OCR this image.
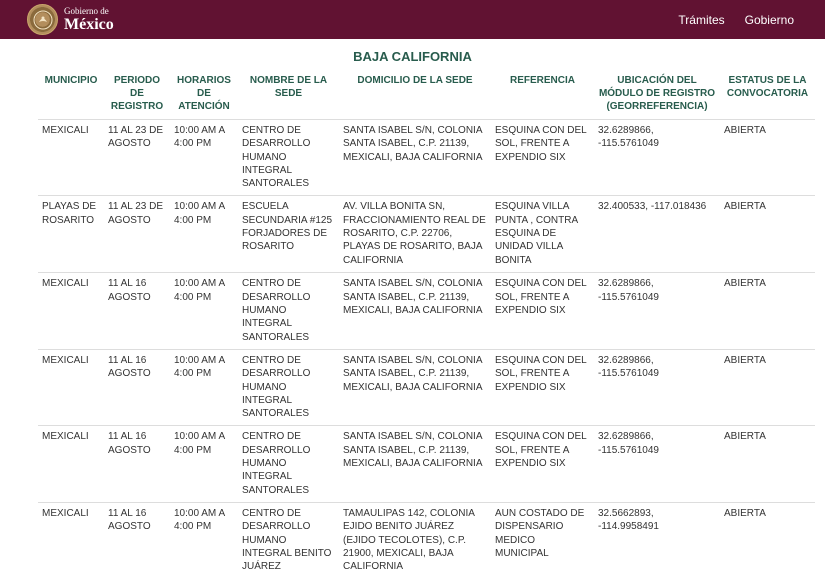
Gobierno de
México	Trámites Gobierno
BAJA CALIFORNIA
MUNICIPIO	PERIODO DE REGISTRO	HORARIOS DE ATENCIÓN	NOMBRE DE LA SEDE	DOMICILIO DE LA SEDE	REFERENCIA	UBICACIÓN DEL MÓDULO DE REGISTRO (GEORREFERENCIA)	ESTATUS DE LA CONVOCATORIA
MEXICALI	11 AL 23 DE AGOSTO	10:00 AM A 4:00 PM	CENTRO DE DESARROLLO HUMANO INTEGRAL SANTORALES	SANTA ISABEL S/N, COLONIA SANTA ISABEL, C.P. 21139, MEXICALI, BAJA CALIFORNIA	ESQUINA CON DEL SOL, FRENTE A EXPENDIO SIX	32.6289866, -115.5761049	ABIERTA
PLAYAS DE ROSARITO	11 AL 23 DE AGOSTO	10:00 AM A 4:00 PM	ESCUELA SECUNDARIA #125 FORJADORES DE ROSARITO	AV. VILLA BONITA SN, FRACCIONAMIENTO REAL DE ROSARITO, C.P. 22706, PLAYAS DE ROSARITO, BAJA CALIFORNIA	ESQUINA VILLA PUNTA , CONTRA ESQUINA DE UNIDAD VILLA BONITA	32.400533, -117.018436	ABIERTA
MEXICALI	11 AL 16 AGOSTO	10:00 AM A 4:00 PM	CENTRO DE DESARROLLO HUMANO INTEGRAL SANTORALES	SANTA ISABEL S/N, COLONIA SANTA ISABEL, C.P. 21139, MEXICALI, BAJA CALIFORNIA	ESQUINA CON DEL SOL, FRENTE A EXPENDIO SIX	32.6289866, -115.5761049	ABIERTA
MEXICALI	11 AL 16 AGOSTO	10:00 AM A 4:00 PM	CENTRO DE DESARROLLO HUMANO INTEGRAL SANTORALES	SANTA ISABEL S/N, COLONIA SANTA ISABEL, C.P. 21139, MEXICALI, BAJA CALIFORNIA	ESQUINA CON DEL SOL, FRENTE A EXPENDIO SIX	32.6289866, -115.5761049	ABIERTA
MEXICALI	11 AL 16 AGOSTO	10:00 AM A 4:00 PM	CENTRO DE DESARROLLO HUMANO INTEGRAL SANTORALES	SANTA ISABEL S/N, COLONIA SANTA ISABEL, C.P. 21139, MEXICALI, BAJA CALIFORNIA	ESQUINA CON DEL SOL, FRENTE A EXPENDIO SIX	32.6289866, -115.5761049	ABIERTA
MEXICALI	11 AL 16 AGOSTO	10:00 AM A 4:00 PM	CENTRO DE DESARROLLO HUMANO INTEGRAL BENITO JUÁREZ	TAMAULIPAS 142, COLONIA EJIDO BENITO JUÁREZ (EJIDO TECOLOTES), C.P. 21900, MEXICALI, BAJA CALIFORNIA	AUN COSTADO DE DISPENSARIO MEDICO MUNICIPAL	32.5662893, -114.9958491	ABIERTA
